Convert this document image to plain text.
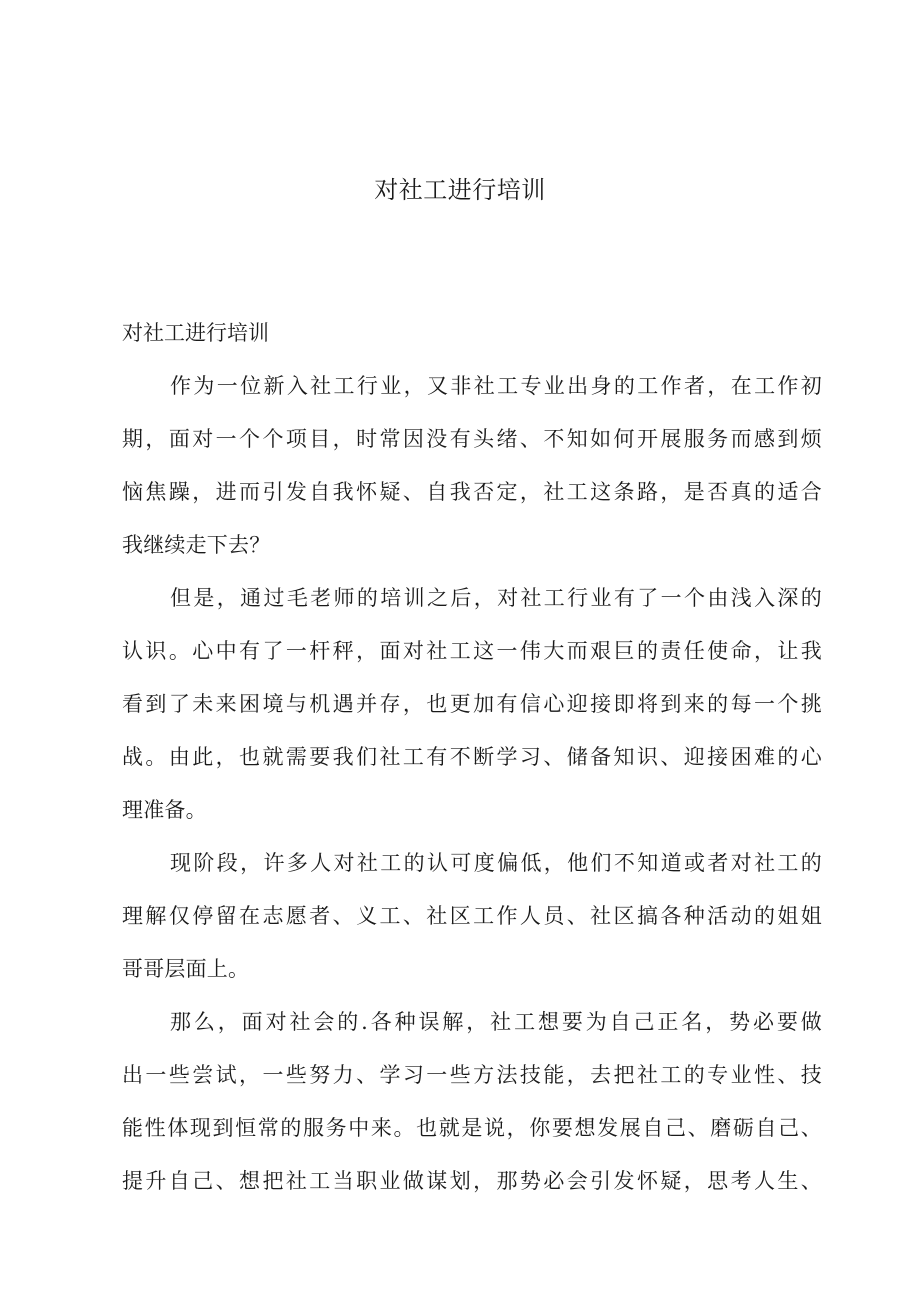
对社工进行培训

对社工进行培训

作为一位新入社工行业，又非社工专业出身的工作者，在工作初
期，面对一个个项目，时常因没有头绪、不知如何开展服务而感到烦
恼焦躁，进而引发自我怀疑、自我否定，社工这条路，是否真的适合
我继续走下去？

但是，通过毛老师的培训之后，对社工行业有了一个由浅入深的
认识。心中有了一杆秤，面对社工这一伟大而艰巨的责任使命，让我
看到了未来困境与机遇并存，也更加有信心迎接即将到来的每一个挑
战。由此，也就需要我们社工有不断学习、储备知识、迎接困难的心
理准备。

现阶段，许多人对社工的认可度偏低，他们不知道或者对社工的
理解仅停留在志愿者、义工、社区工作人员、社区搞各种活动的姐姐
哥哥层面上。

那么，面对社会的.各种误解，社工想要为自己正名，势必要做
出一些尝试，一些努力、学习一些方法技能，去把社工的专业性、技
能性体现到恒常的服务中来。也就是说，你要想发展自己、磨砺自己、
提升自己、想把社工当职业做谋划，那势必会引发怀疑，思考人生、
